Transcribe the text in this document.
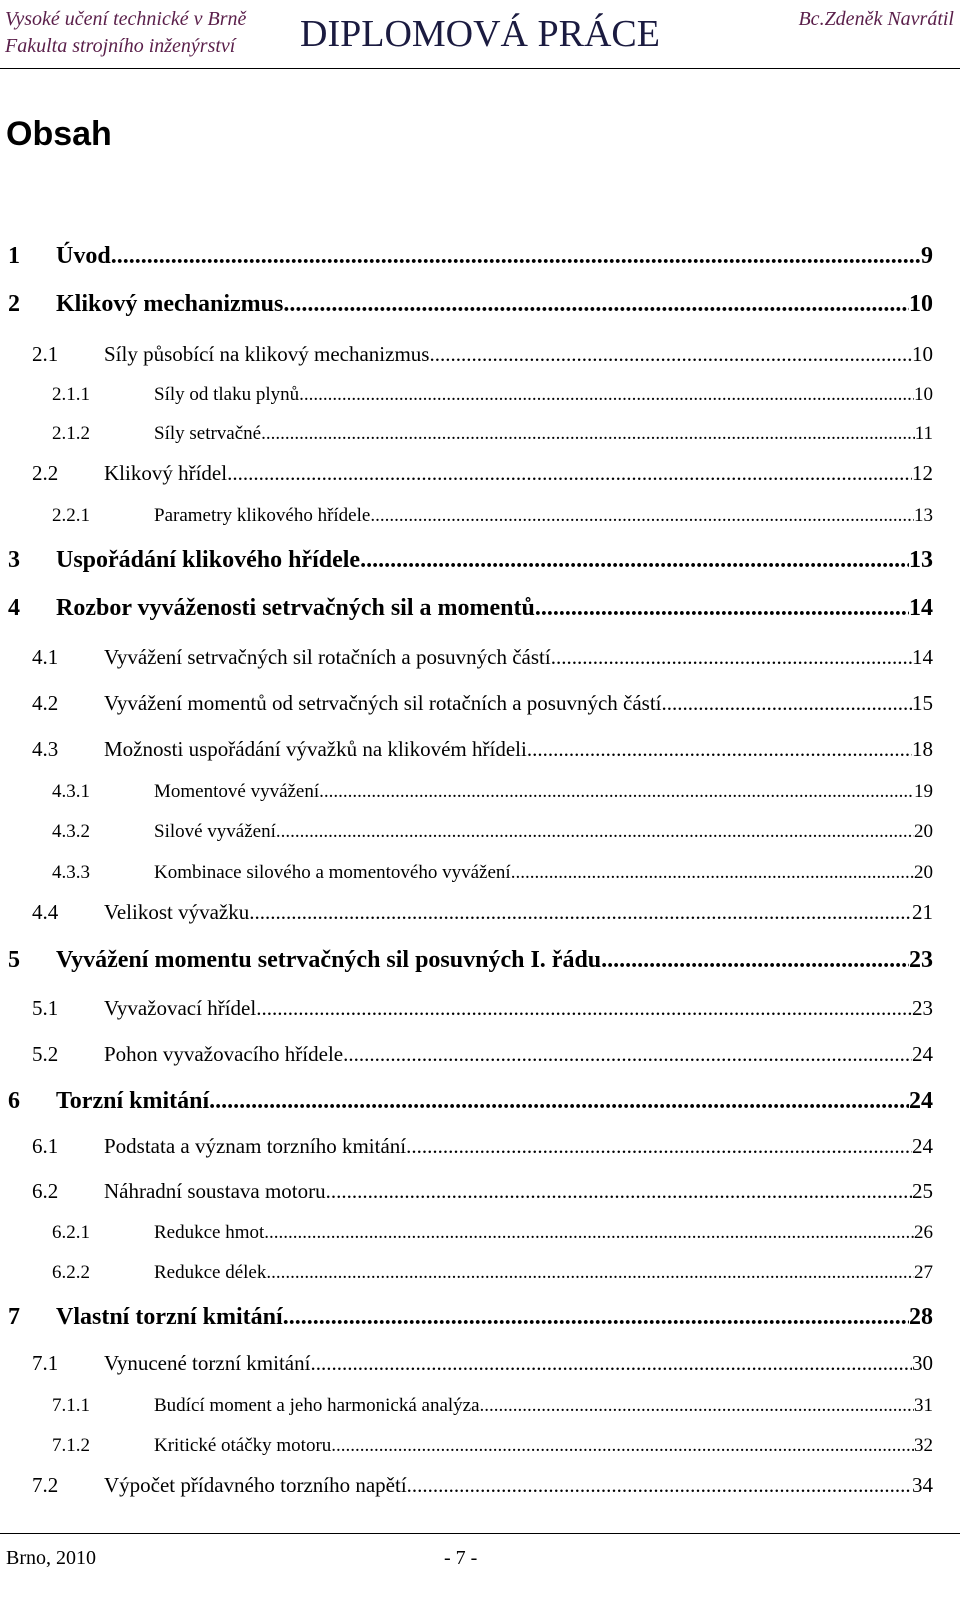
Vysoké učení technické v Brně
Fakulta strojního inženýrství	DIPLOMOVÁ PRÁCE	Bc.Zdeněk Navrátil
Obsah
1	Úvod .....	9
2	Klikový mechanizmus .....	10
2.1	Síly působící na klikový mechanizmus .....	10
2.1.1	Síly od tlaku plynů .....	10
2.1.2	Síly setrvačné .....	11
2.2	Klikový hřídel .....	12
2.2.1	Parametry klikového hřídele .....	13
3	Uspořádání klikového hřídele .....	13
4	Rozbor vyváženosti setrvačných sil a momentů .....	14
4.1	Vyvážení setrvačných sil rotačních a posuvných částí .....	14
4.2	Vyvážení momentů od setrvačných sil rotačních a posuvných částí .....	15
4.3	Možnosti uspořádání vývažků na klikovém hřídeli .....	18
4.3.1	Momentové vyvážení .....	19
4.3.2	Silové vyvážení .....	20
4.3.3	Kombinace silového a momentového vyvážení .....	20
4.4	Velikost vývažku .....	21
5	Vyvážení momentu setrvačných sil posuvných I. řádu .....	23
5.1	Vyvažovací hřídel .....	23
5.2	Pohon vyvažovacího hřídele .....	24
6	Torzní kmitání .....	24
6.1	Podstata a význam torzního kmitání .....	24
6.2	Náhradní soustava motoru .....	25
6.2.1	Redukce hmot .....	26
6.2.2	Redukce délek .....	27
7	Vlastní torzní kmitání .....	28
7.1	Vynucené torzní kmitání .....	30
7.1.1	Budící moment a jeho harmonická analýza .....	31
7.1.2	Kritické otáčky motoru .....	32
7.2	Výpočet přídavného torzního napětí .....	34
Brno, 2010	- 7 -
